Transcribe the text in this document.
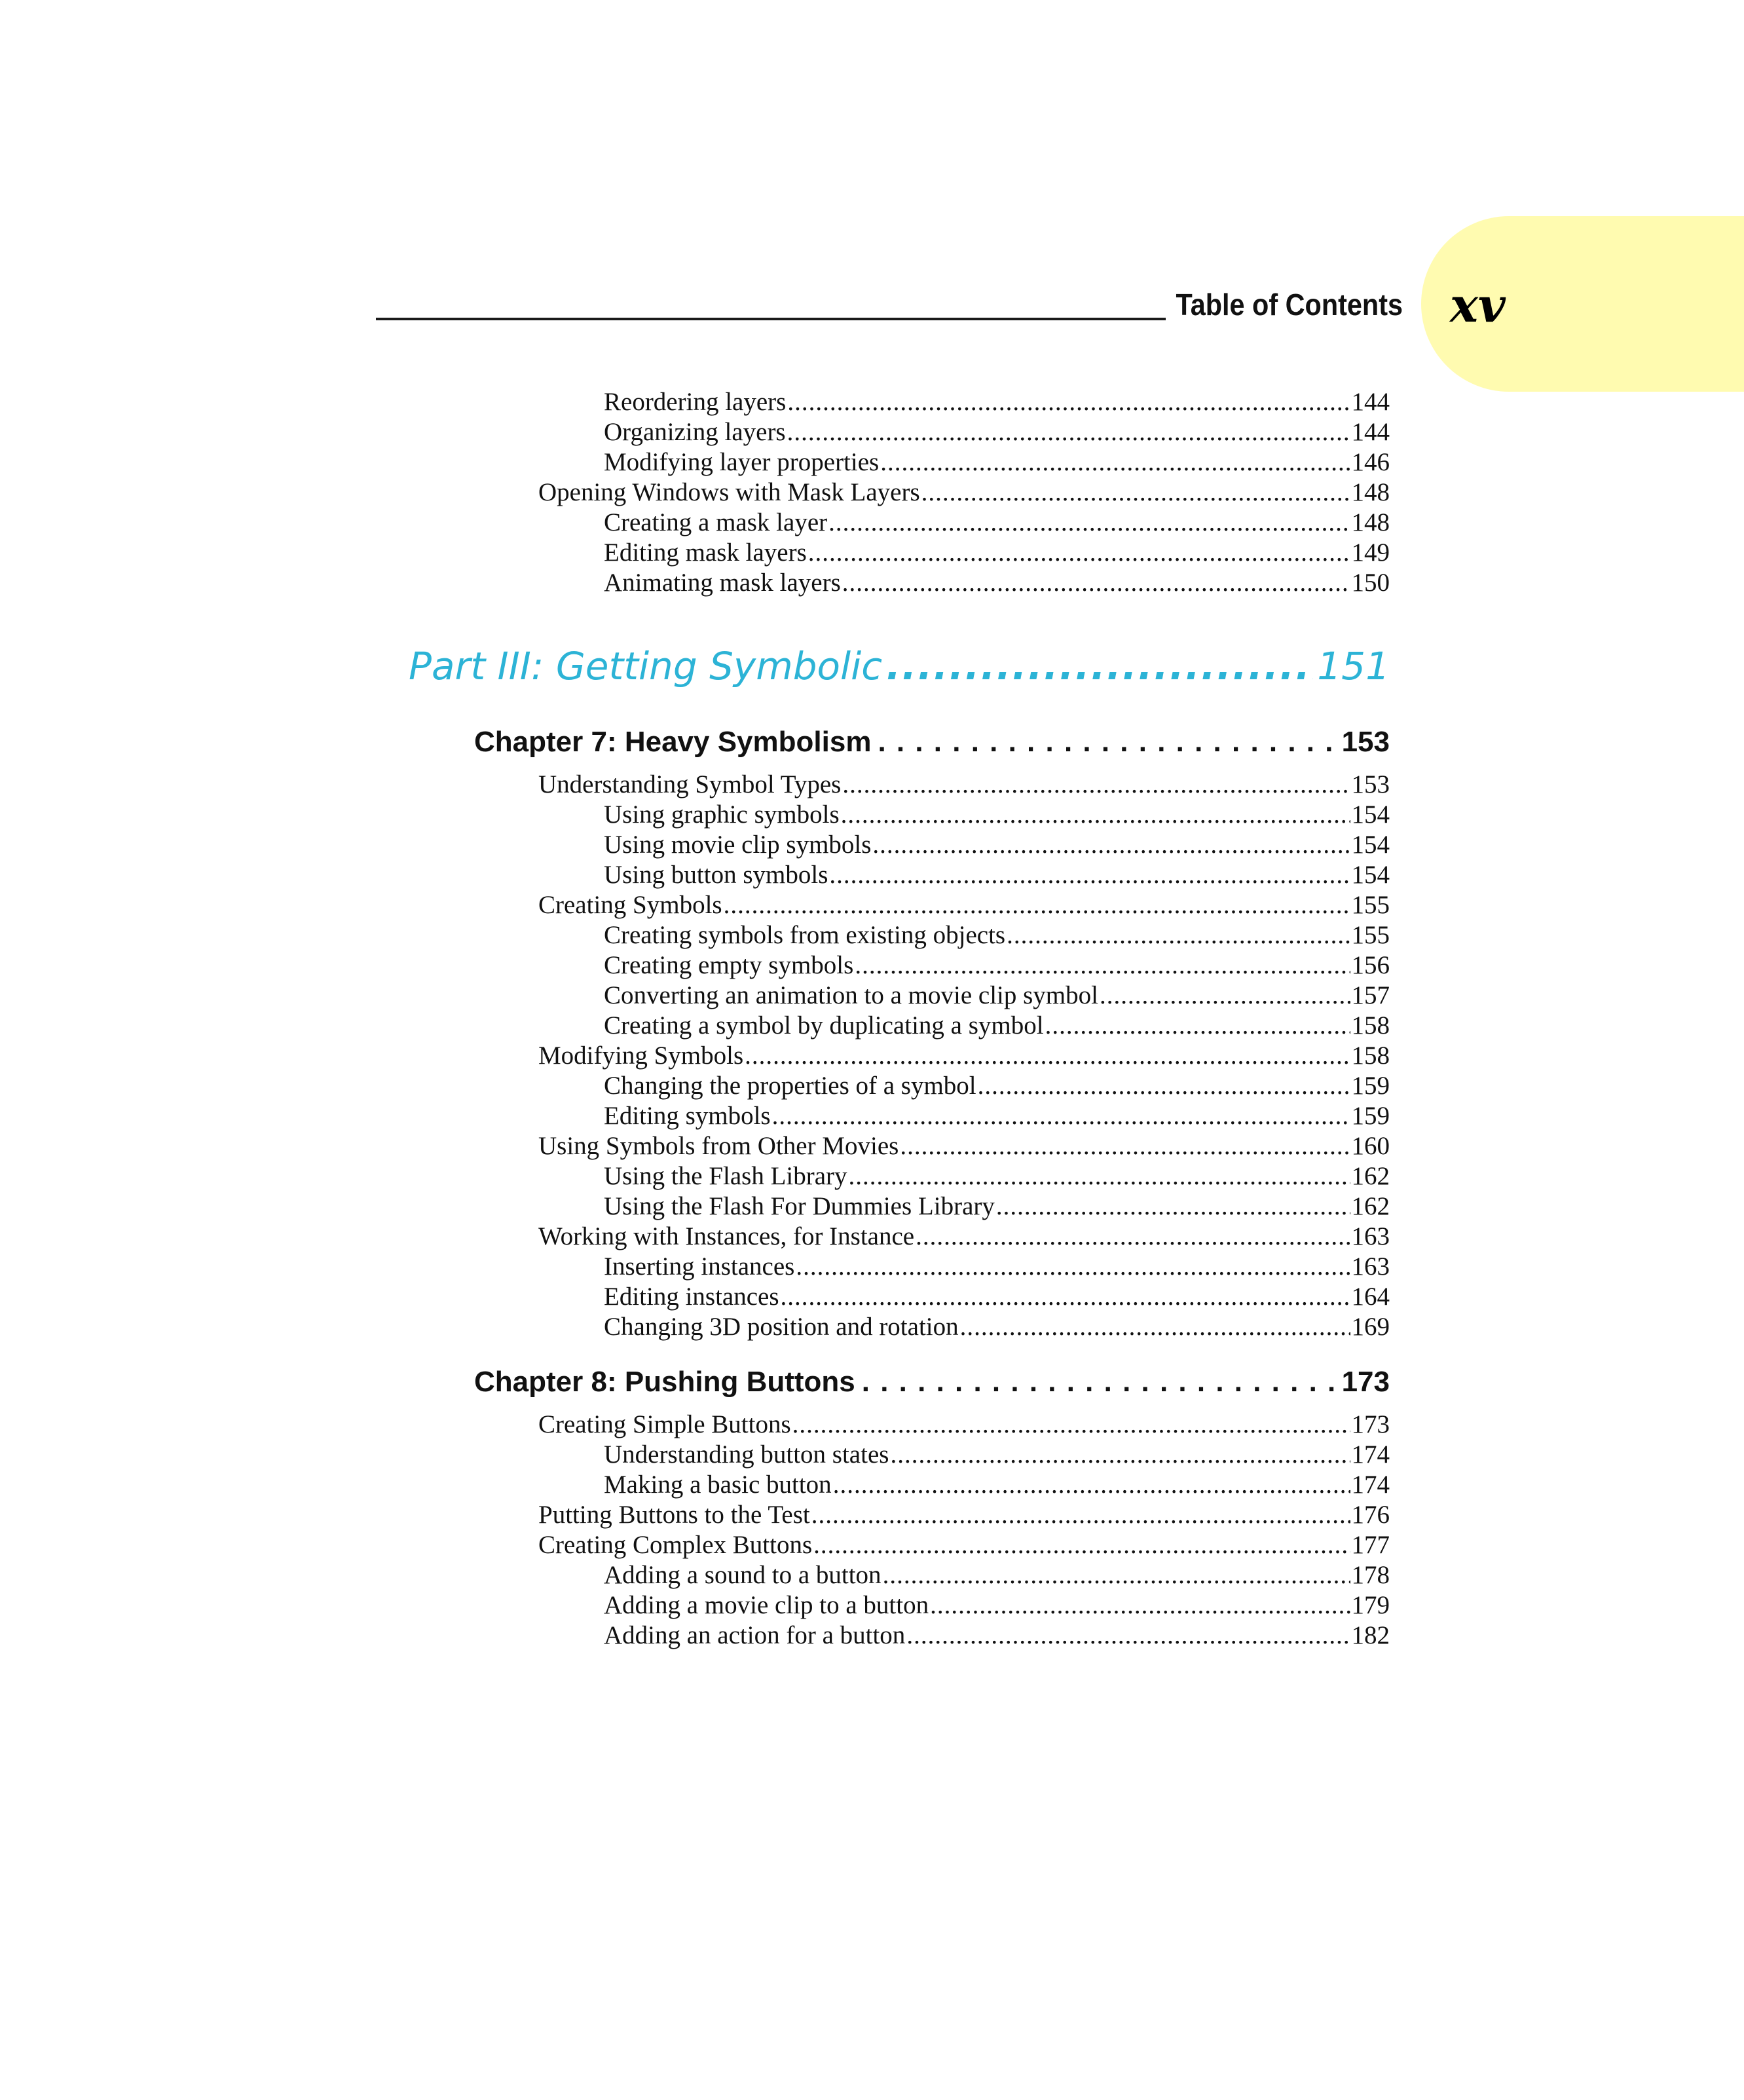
xv
Table of Contents
Reordering layers .....	144
Organizing layers .....	144
Modifying layer properties .....	146
Opening Windows with Mask Layers .....	148
Creating a mask layer .....	148
Editing mask layers .....	149
Animating mask layers .....	150
Part III: Getting Symbolic .....	151
Chapter 7: Heavy Symbolism . . .	153
Understanding Symbol Types .....	153
Using graphic symbols .....	154
Using movie clip symbols .....	154
Using button symbols .....	154
Creating Symbols .....	155
Creating symbols from existing objects .....	155
Creating empty symbols .....	156
Converting an animation to a movie clip symbol .....	157
Creating a symbol by duplicating a symbol .....	158
Modifying Symbols .....	158
Changing the properties of a symbol .....	159
Editing symbols .....	159
Using Symbols from Other Movies .....	160
Using the Flash Library .....	162
Using the Flash For Dummies Library .....	162
Working with Instances, for Instance .....	163
Inserting instances .....	163
Editing instances .....	164
Changing 3D position and rotation .....	169
Chapter 8: Pushing Buttons . . .	173
Creating Simple Buttons .....	173
Understanding button states .....	174
Making a basic button .....	174
Putting Buttons to the Test .....	176
Creating Complex Buttons .....	177
Adding a sound to a button .....	178
Adding a movie clip to a button .....	179
Adding an action for a button .....	182
